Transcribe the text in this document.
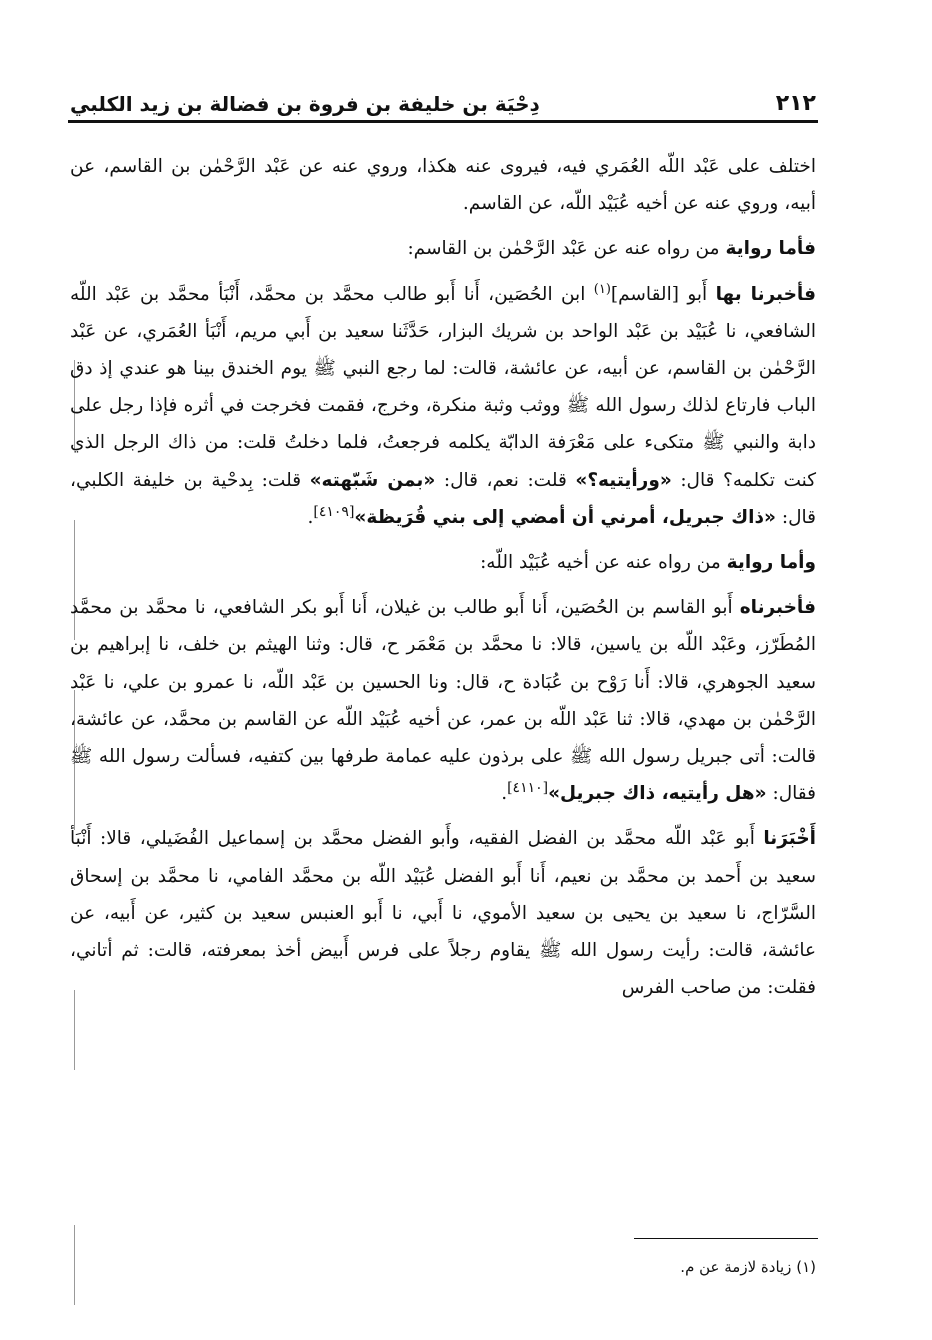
٢١٢
دِحْيَة بن خليفة بن فروة بن فضالة بن زيد الكلبي

اختلف على عَبْد اللّه العُمَري فيه، فيروى عنه هكذا، وروي عنه عن عَبْد الرَّحْمٰن بن القاسم، عن أبيه، وروي عنه عن أخيه عُبَيْد اللّه، عن القاسم.

فأما رواية من رواه عنه عن عَبْد الرَّحْمٰن بن القاسم:

فأخبرنا بها أَبو [القاسم]$^{(١)}$ ابن الحُصَين، أَنا أَبو طالب محمَّد بن محمَّد، أَنْبَأ محمَّد بن عَبْد اللّه الشافعي، نا عُبَيْد بن عَبْد الواحد بن شريك البزار، حَدَّثَنا سعيد بن أَبي مريم، أَنْبَأ العُمَري، عن عَبْد الرَّحْمٰن بن القاسم، عن أبيه، عن عائشة، قالت: لما رجع النبي ﷺ يوم الخندق بينا هو عندي إذ دق الباب فارتاع لذلك رسول الله ﷺ ووثب وثبة منكرة، وخرج، فقمت فخرجت في أثره فإذا رجل على دابة والنبي ﷺ متكىء على مَعْرَفة الدابّة يكلمه فرجعتُ، فلما دخلتُ قلت: من ذاك الرجل الذي كنت تكلمه؟ قال: «ورأيتيه؟» قلت: نعم، قال: «بمن شَبّهته» قلت: بِدحْية بن خليفة الكلبي، قال: «ذاك جبريل، أمرني أن أمضي إلى بني قُرَيظة»[٤١٠٩].

وأما رواية من رواه عنه عن أخيه عُبَيْد اللّه:

فأخبرناه أَبو القاسم بن الحُصَين، أَنا أَبو طالب بن غيلان، أَنا أَبو بكر الشافعي، نا محمَّد بن محمَّد المُطَرّز، وعَبْد اللّه بن ياسين، قالا: نا محمَّد بن مَعْمَر ح، قال: وثنا الهيثم بن خلف، نا إبراهيم بن سعيد الجوهري، قالا: أَنا رَوْح بن عُبَادة ح، قال: ونا الحسين بن عَبْد اللّه، نا عمرو بن علي، نا عَبْد الرَّحْمٰن بن مهدي، قالا: ثنا عَبْد اللّه بن عمر، عن أخيه عُبَيْد اللّه عن القاسم بن محمَّد، عن عائشة، قالت: أتى جبريل رسول الله ﷺ على برذون عليه عمامة طرفها بين كتفيه، فسألت رسول الله ﷺ فقال: «هل رأيتيه، ذاك جبريل»[٤١١٠].

أَخْبَرَنا أَبو عَبْد اللّه محمَّد بن الفضل الفقيه، وأَبو الفضل محمَّد بن إسماعيل الفُضَيلي، قالا: أَنْبَأ سعيد بن أَحمد بن محمَّد بن نعيم، أَنا أَبو الفضل عُبَيْد اللّه بن محمَّد الفامي، نا محمَّد بن إسحاق السَّرّاج، نا سعيد بن يحيى بن سعيد الأموي، نا أَبي، نا أَبو العنبس سعيد بن كثير، عن أَبيه، عن عائشة، قالت: رأيت رسول الله ﷺ يقاوم رجلاً على فرس أَبيض أخذ بمعرفته، قالت: ثم أتاني، فقلت: من صاحب الفرس

(١) زيادة لازمة عن م.
